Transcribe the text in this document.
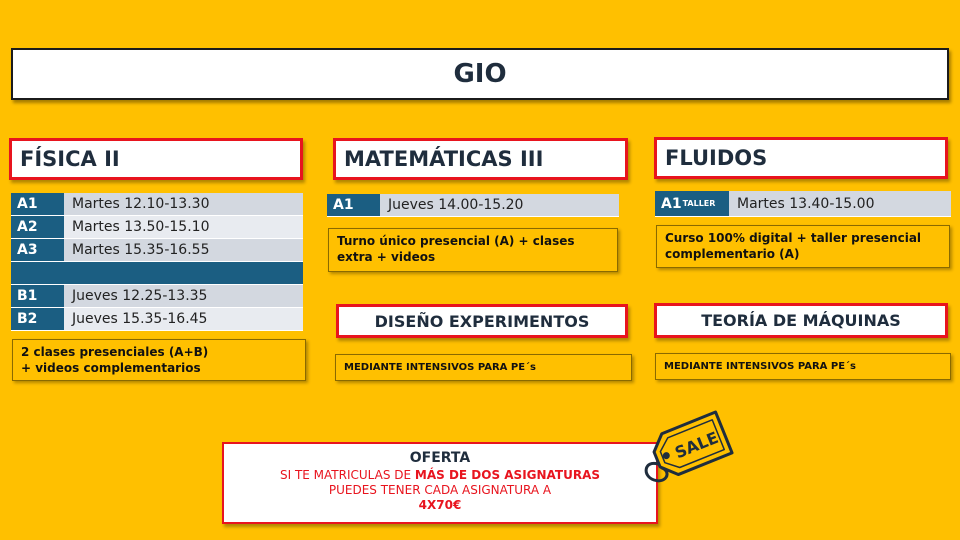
GIO
FÍSICA II
A1	Martes 12.10-13.30
A2	Martes 13.50-15.10
A3	Martes 15.35-16.55
B1	Jueves 12.25-13.35
B2	Jueves 15.35-16.45
2 clases presenciales (A+B)
+ videos complementarios
MATEMÁTICAS III
A1	Jueves 14.00-15.20
Turno único presencial (A) + clases
extra + videos
FLUIDOS
A1 TALLER	Martes 13.40-15.00
Curso 100% digital + taller presencial
complementario (A)
DISEÑO EXPERIMENTOS
MEDIANTE INTENSIVOS PARA PE´s
TEORÍA DE MÁQUINAS
MEDIANTE INTENSIVOS PARA PE´s
OFERTA
SI TE MATRICULAS DE MÁS DE DOS ASIGNATURAS
PUEDES TENER CADA ASIGNATURA A
4X70€
SALE
